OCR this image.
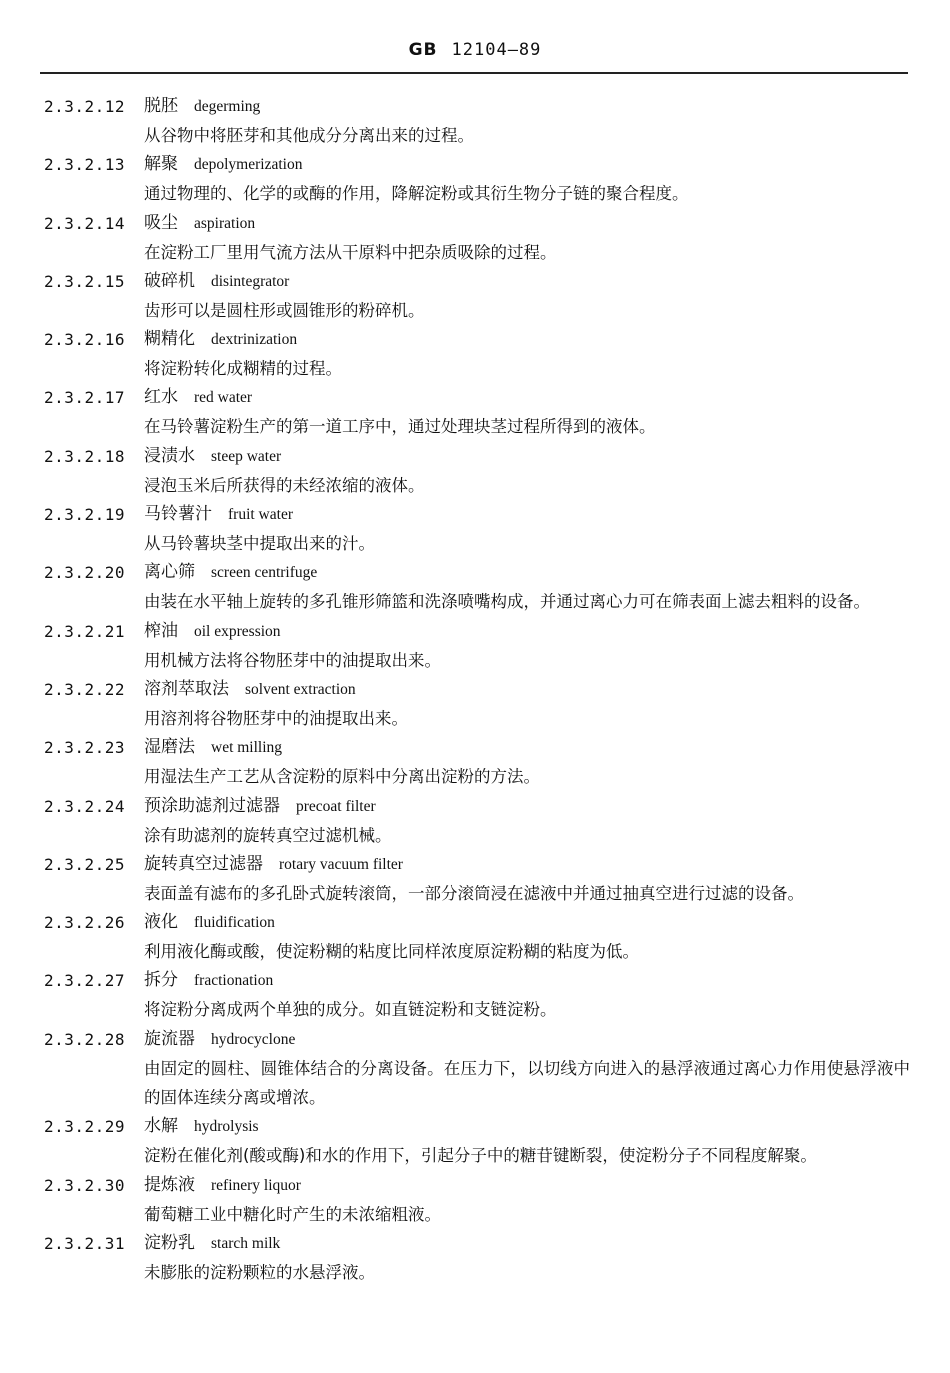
GB 12104—89
2.3.2.12 脱胚 degerming
从谷物中将胚芽和其他成分分离出来的过程。
2.3.2.13 解聚 depolymerization
通过物理的、化学的或酶的作用，降解淀粉或其衍生物分子链的聚合程度。
2.3.2.14 吸尘 aspiration
在淀粉工厂里用气流方法从干原料中把杂质吸除的过程。
2.3.2.15 破碎机 disintegrator
齿形可以是圆柱形或圆锥形的粉碎机。
2.3.2.16 糊精化 dextrinization
将淀粉转化成糊精的过程。
2.3.2.17 红水 red water
在马铃薯淀粉生产的第一道工序中，通过处理块茎过程所得到的液体。
2.3.2.18 浸渍水 steep water
浸泡玉米后所获得的未经浓缩的液体。
2.3.2.19 马铃薯汁 fruit water
从马铃薯块茎中提取出来的汁。
2.3.2.20 离心筛 screen centrifuge
由装在水平轴上旋转的多孔锥形筛篮和洗涤喷嘴构成，并通过离心力可在筛表面上滤去粗料的设备。
2.3.2.21 榨油 oil expression
用机械方法将谷物胚芽中的油提取出来。
2.3.2.22 溶剂萃取法 solvent extraction
用溶剂将谷物胚芽中的油提取出来。
2.3.2.23 湿磨法 wet milling
用湿法生产工艺从含淀粉的原料中分离出淀粉的方法。
2.3.2.24 预涂助滤剂过滤器 precoat filter
涂有助滤剂的旋转真空过滤机械。
2.3.2.25 旋转真空过滤器 rotary vacuum filter
表面盖有滤布的多孔卧式旋转滚筒，一部分滚筒浸在滤液中并通过抽真空进行过滤的设备。
2.3.2.26 液化 fluidification
利用液化酶或酸，使淀粉糊的粘度比同样浓度原淀粉糊的粘度为低。
2.3.2.27 拆分 fractionation
将淀粉分离成两个单独的成分。如直链淀粉和支链淀粉。
2.3.2.28 旋流器 hydrocyclone
由固定的圆柱、圆锥体结合的分离设备。在压力下，以切线方向进入的悬浮液通过离心力作用使悬浮液中的固体连续分离或增浓。
2.3.2.29 水解 hydrolysis
淀粉在催化剂(酸或酶)和水的作用下，引起分子中的糖苷键断裂，使淀粉分子不同程度解聚。
2.3.2.30 提炼液 refinery liquor
葡萄糖工业中糖化时产生的未浓缩粗液。
2.3.2.31 淀粉乳 starch milk
未膨胀的淀粉颗粒的水悬浮液。
